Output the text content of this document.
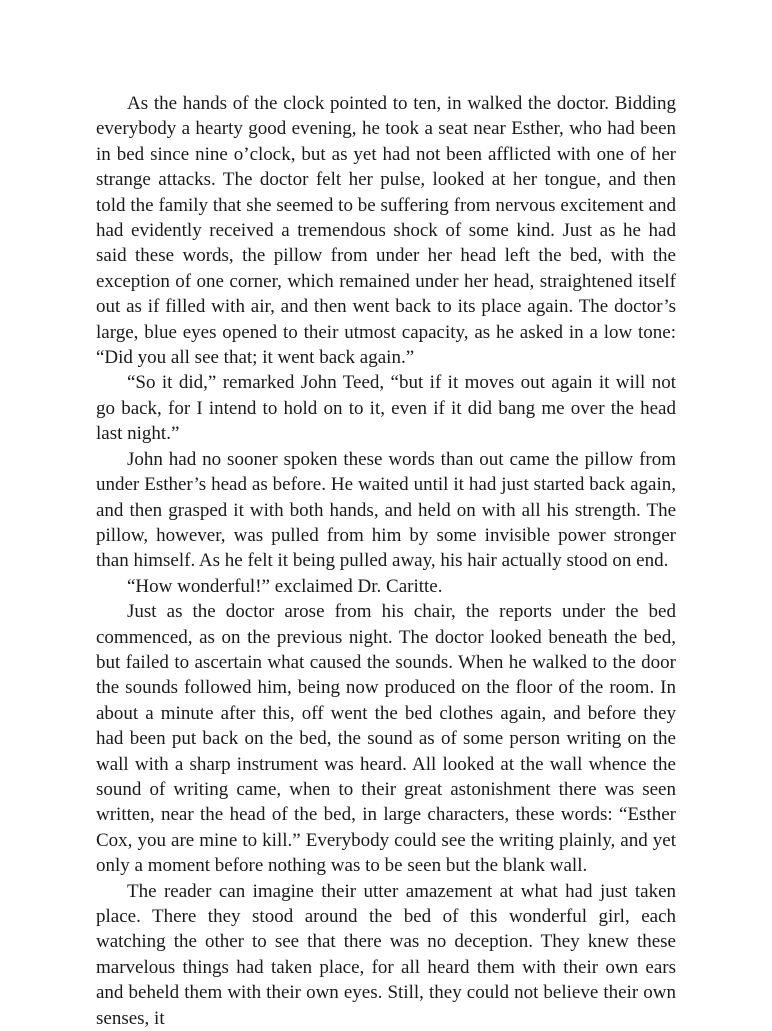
As the hands of the clock pointed to ten, in walked the doctor. Bidding everybody a hearty good evening, he took a seat near Esther, who had been in bed since nine o’clock, but as yet had not been afflicted with one of her strange attacks. The doctor felt her pulse, looked at her tongue, and then told the family that she seemed to be suffering from nervous excitement and had evidently received a tremendous shock of some kind. Just as he had said these words, the pillow from under her head left the bed, with the exception of one corner, which remained under her head, straightened itself out as if filled with air, and then went back to its place again. The doctor’s large, blue eyes opened to their utmost capacity, as he asked in a low tone: “Did you all see that; it went back again.”

“So it did,” remarked John Teed, “but if it moves out again it will not go back, for I intend to hold on to it, even if it did bang me over the head last night.”

John had no sooner spoken these words than out came the pillow from under Esther’s head as before. He waited until it had just started back again, and then grasped it with both hands, and held on with all his strength. The pillow, however, was pulled from him by some invisible power stronger than himself. As he felt it being pulled away, his hair actually stood on end.

“How wonderful!” exclaimed Dr. Caritte.

Just as the doctor arose from his chair, the reports under the bed commenced, as on the previous night. The doctor looked beneath the bed, but failed to ascertain what caused the sounds. When he walked to the door the sounds followed him, being now produced on the floor of the room. In about a minute after this, off went the bed clothes again, and before they had been put back on the bed, the sound as of some person writing on the wall with a sharp instrument was heard. All looked at the wall whence the sound of writing came, when to their great astonishment there was seen written, near the head of the bed, in large characters, these words: “Esther Cox, you are mine to kill.” Everybody could see the writing plainly, and yet only a moment before nothing was to be seen but the blank wall.

The reader can imagine their utter amazement at what had just taken place. There they stood around the bed of this wonderful girl, each watching the other to see that there was no deception. They knew these marvelous things had taken place, for all heard them with their own ears and beheld them with their own eyes. Still, they could not believe their own senses, it
